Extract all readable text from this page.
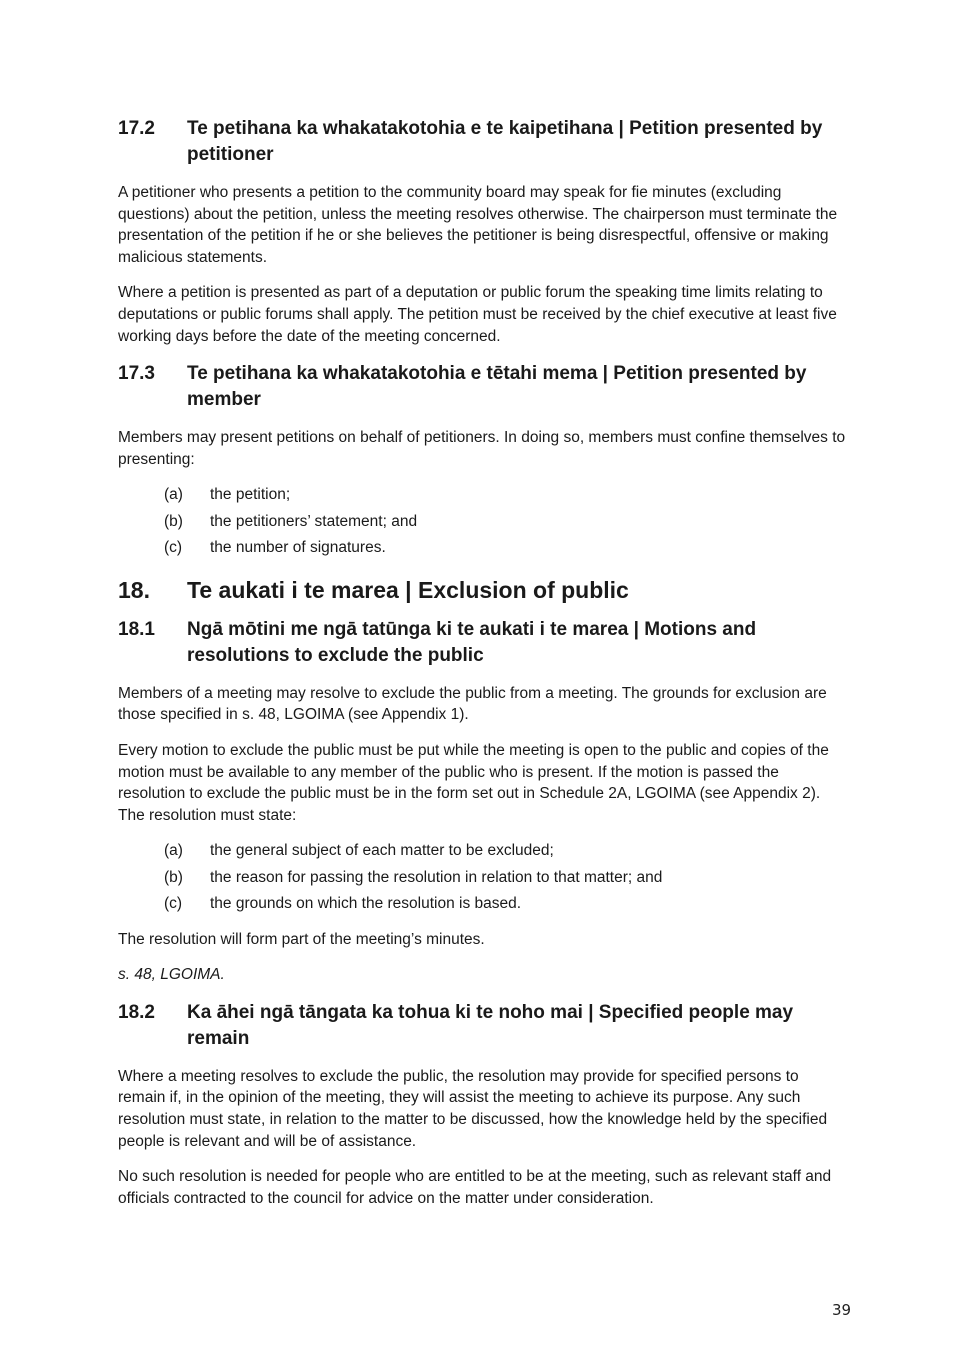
17.2	Te petihana ka whakatakotohia e te kaipetihana | Petition presented by petitioner

A petitioner who presents a petition to the community board may speak for fie minutes (excluding questions) about the petition, unless the meeting resolves otherwise. The chairperson must terminate the presentation of the petition if he or she believes the petitioner is being disrespectful, offensive or making malicious statements.

Where a petition is presented as part of a deputation or public forum the speaking time limits relating to deputations or public forums shall apply. The petition must be received by the chief executive at least five working days before the date of the meeting concerned.

17.3	Te petihana ka whakatakotohia e tētahi mema | Petition presented by member

Members may present petitions on behalf of petitioners. In doing so, members must confine themselves to presenting:

(a)	the petition;
(b)	the petitioners’ statement; and
(c)	the number of signatures.
18.	Te aukati i te marea | Exclusion of public
18.1	Ngā mōtini me ngā tatūnga ki te aukati i te marea | Motions and resolutions to exclude the public

Members of a meeting may resolve to exclude the public from a meeting. The grounds for exclusion are those specified in s. 48, LGOIMA (see Appendix 1).

Every motion to exclude the public must be put while the meeting is open to the public and copies of the motion must be available to any member of the public who is present. If the motion is passed the resolution to exclude the public must be in the form set out in Schedule 2A, LGOIMA (see Appendix 2). The resolution must state:

(a)	the general subject of each matter to be excluded;
(b)	the reason for passing the resolution in relation to that matter; and
(c)	the grounds on which the resolution is based.

The resolution will form part of the meeting’s minutes.

s. 48, LGOIMA.

18.2	Ka āhei ngā tāngata ka tohua ki te noho mai | Specified people may remain

Where a meeting resolves to exclude the public, the resolution may provide for specified persons to remain if, in the opinion of the meeting, they will assist the meeting to achieve its purpose. Any such resolution must state, in relation to the matter to be discussed, how the knowledge held by the specified people is relevant and will be of assistance.

No such resolution is needed for people who are entitled to be at the meeting, such as relevant staff and officials contracted to the council for advice on the matter under consideration.

39
